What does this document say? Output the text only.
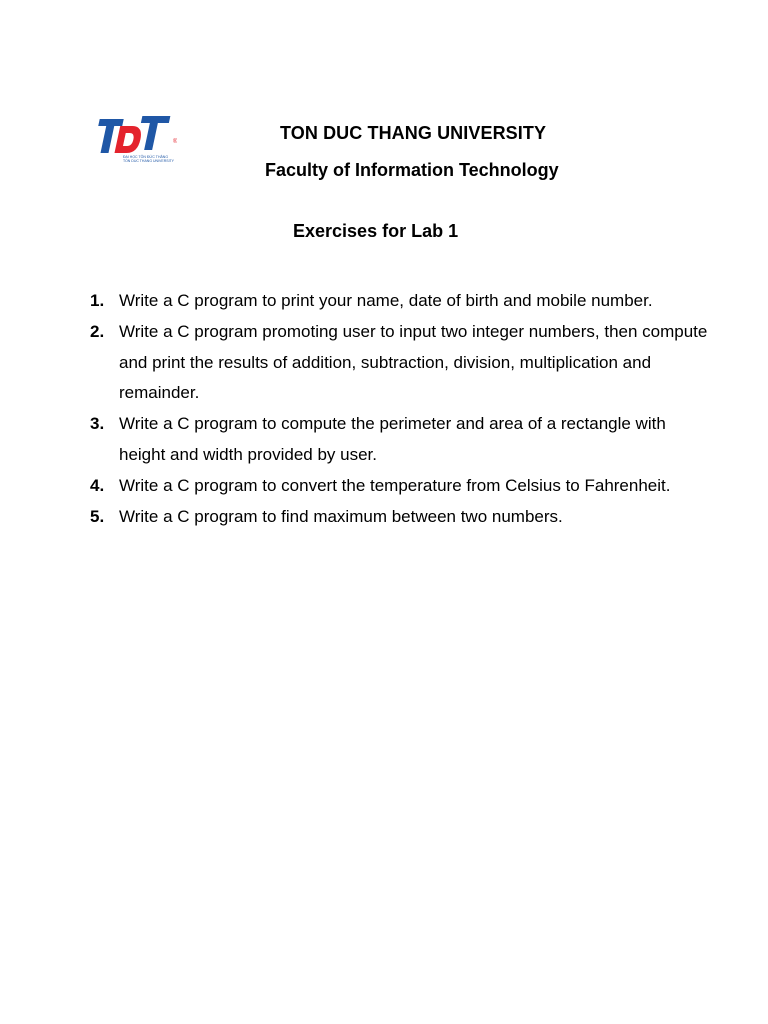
ĐẠI HỌC TÔN ĐỨC THẮNG
TON DUC THANG UNIVERSITY
®	TON DUC THANG UNIVERSITY
Faculty of Information Technology
Exercises for Lab 1
1. Write a C program to print your name, date of birth and mobile number.
2. Write a C program promoting user to input two integer numbers, then compute and print the results of addition, subtraction, division, multiplication and remainder.
3. Write a C program to compute the perimeter and area of a rectangle with height and width provided by user.
4. Write a C program to convert the temperature from Celsius to Fahrenheit.
5. Write a C program to find maximum between two numbers.
